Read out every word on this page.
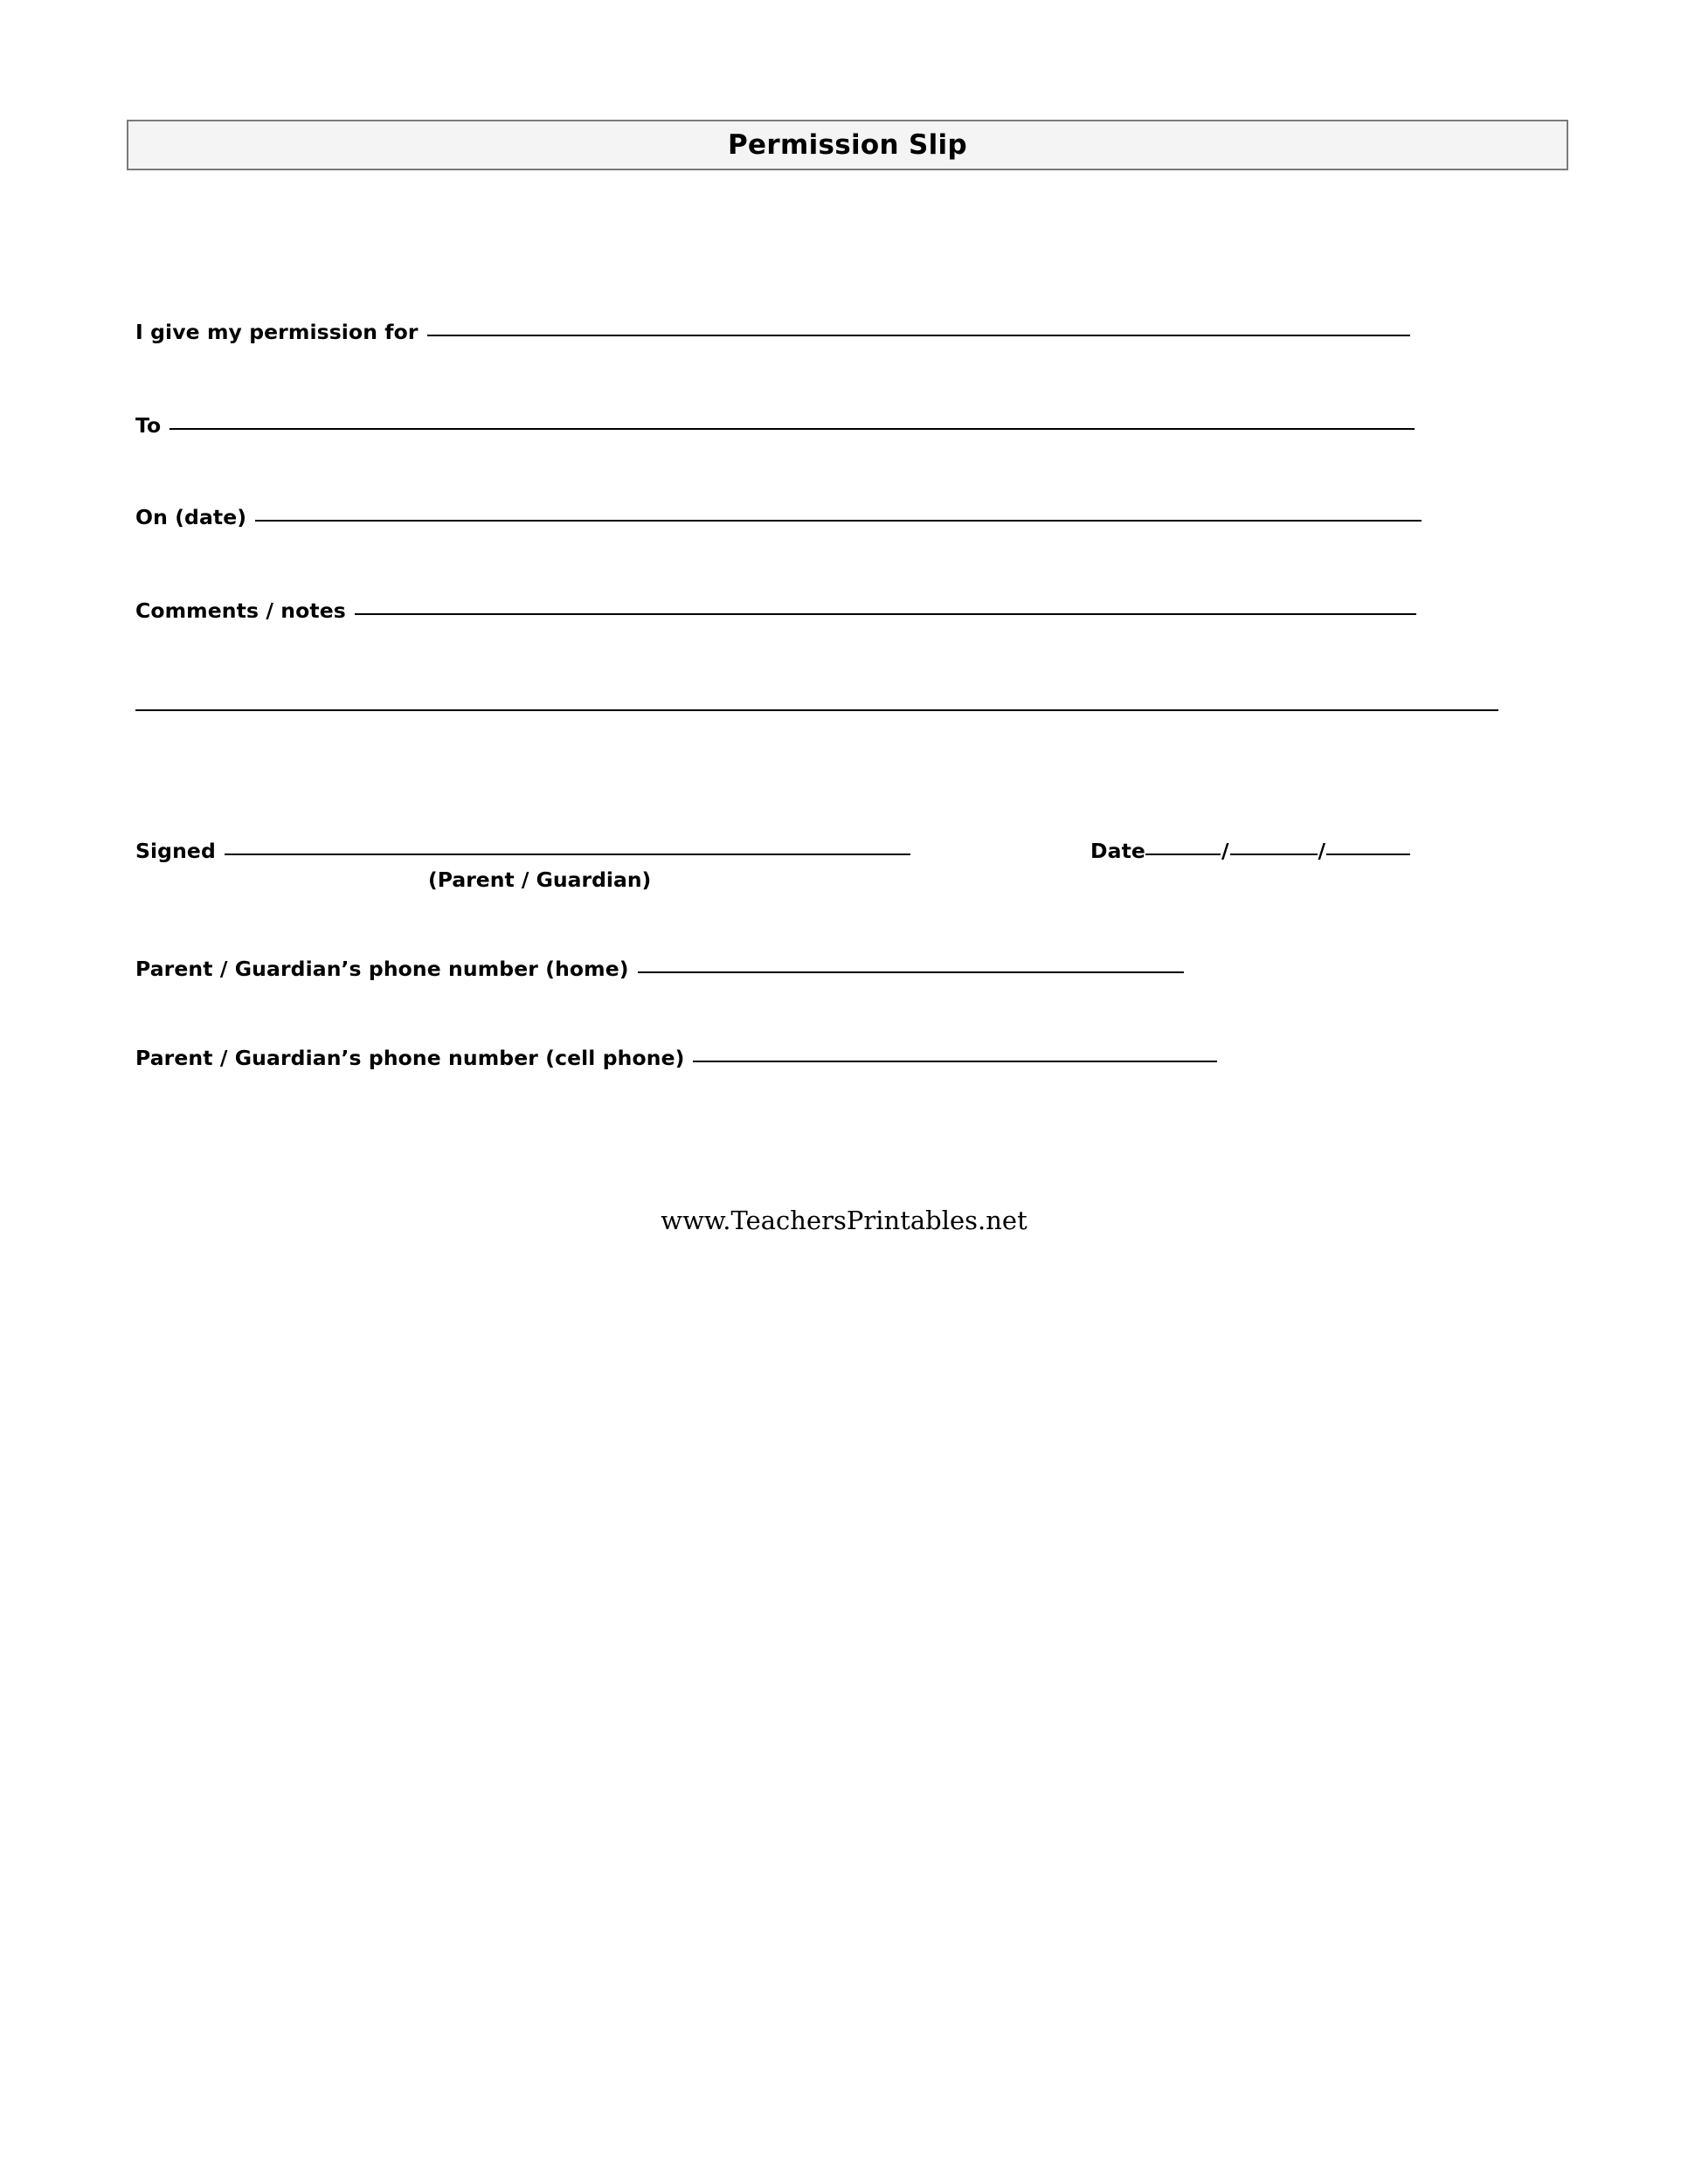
Permission Slip
I give my permission for
To
On (date)
Comments / notes
Signed
(Parent / Guardian)
Date	/	/
Parent / Guardian’s phone number (home)
Parent / Guardian’s phone number (cell phone)
www.TeachersPrintables.net
